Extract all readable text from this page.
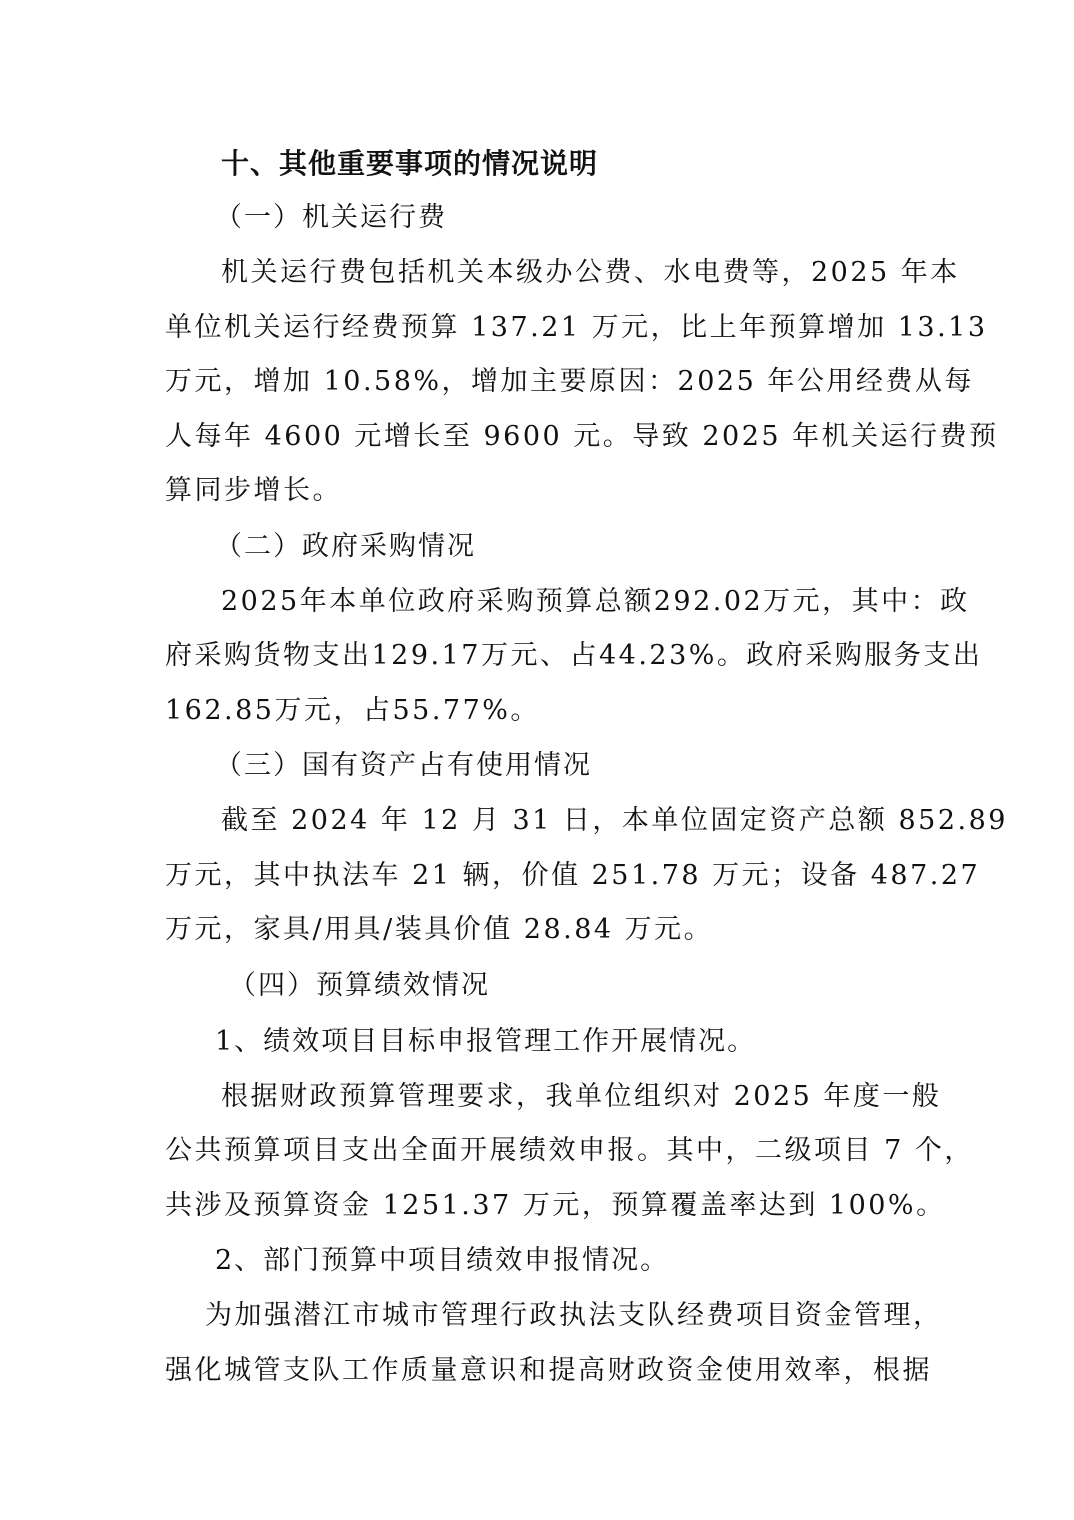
十、其他重要事项的情况说明
（一）机关运行费
机关运行费包括机关本级办公费、水电费等，2025 年本
单位机关运行经费预算 137.21 万元，比上年预算增加 13.13
万元，增加 10.58%，增加主要原因：2025 年公用经费从每
人每年 4600 元增长至 9600 元。导致 2025 年机关运行费预
算同步增长。
（二）政府采购情况
2025年本单位政府采购预算总额292.02万元，其中：政
府采购货物支出129.17万元、占44.23%。政府采购服务支出
162.85万元，占55.77%。
（三）国有资产占有使用情况
截至 2024 年 12 月 31 日，本单位固定资产总额 852.89
万元，其中执法车 21 辆，价值 251.78 万元；设备 487.27
万元，家具/用具/装具价值 28.84 万元。
（四）预算绩效情况
1、绩效项目目标申报管理工作开展情况。
根据财政预算管理要求，我单位组织对 2025 年度一般
公共预算项目支出全面开展绩效申报。其中，二级项目 7 个，
共涉及预算资金 1251.37 万元，预算覆盖率达到 100%。
2、部门预算中项目绩效申报情况。
为加强潜江市城市管理行政执法支队经费项目资金管理，
强化城管支队工作质量意识和提高财政资金使用效率，根据
